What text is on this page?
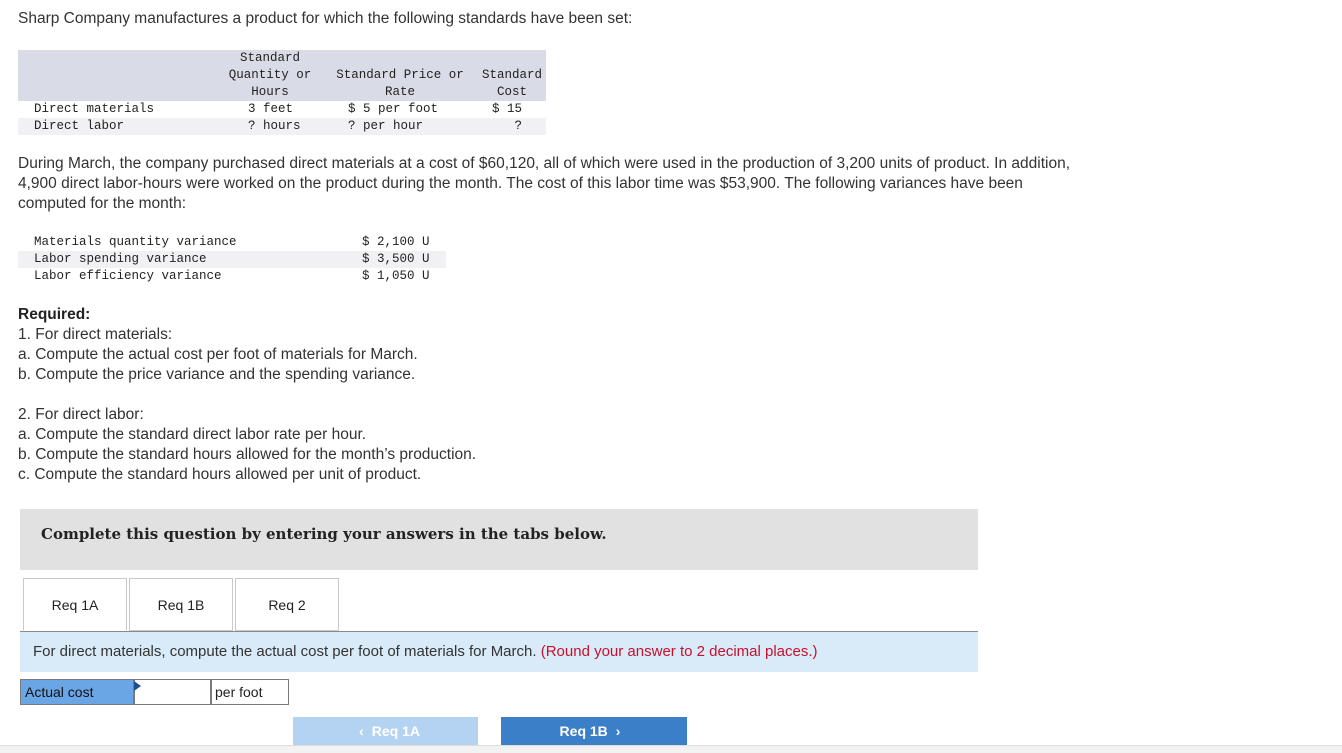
Sharp Company manufactures a product for which the following standards have been set:

	Standard		
	Quantity or	Standard Price or	Standard
	Hours	Rate	Cost
Direct materials	3 feet	$ 5 per foot	$ 15
Direct labor	? hours	? per hour	?

During March, the company purchased direct materials at a cost of $60,120, all of which were used in the production of 3,200 units of product. In addition, 4,900 direct labor-hours were worked on the product during the month. The cost of this labor time was $53,900. The following variances have been computed for the month:

Materials quantity variance	$ 2,100 U
Labor spending variance	$ 3,500 U
Labor efficiency variance	$ 1,050 U
Required:
1. For direct materials:
a. Compute the actual cost per foot of materials for March.
b. Compute the price variance and the spending variance.
2. For direct labor:
a. Compute the standard direct labor rate per hour.
b. Compute the standard hours allowed for the month’s production.
c. Compute the standard hours allowed per unit of product.
Complete this question by entering your answers in the tabs below.
Req 1A	Req 1B	Req 2
For direct materials, compute the actual cost per foot of materials for March. (Round your answer to 2 decimal places.)
Actual cost	per foot
‹ Req 1A	Req 1B ›
